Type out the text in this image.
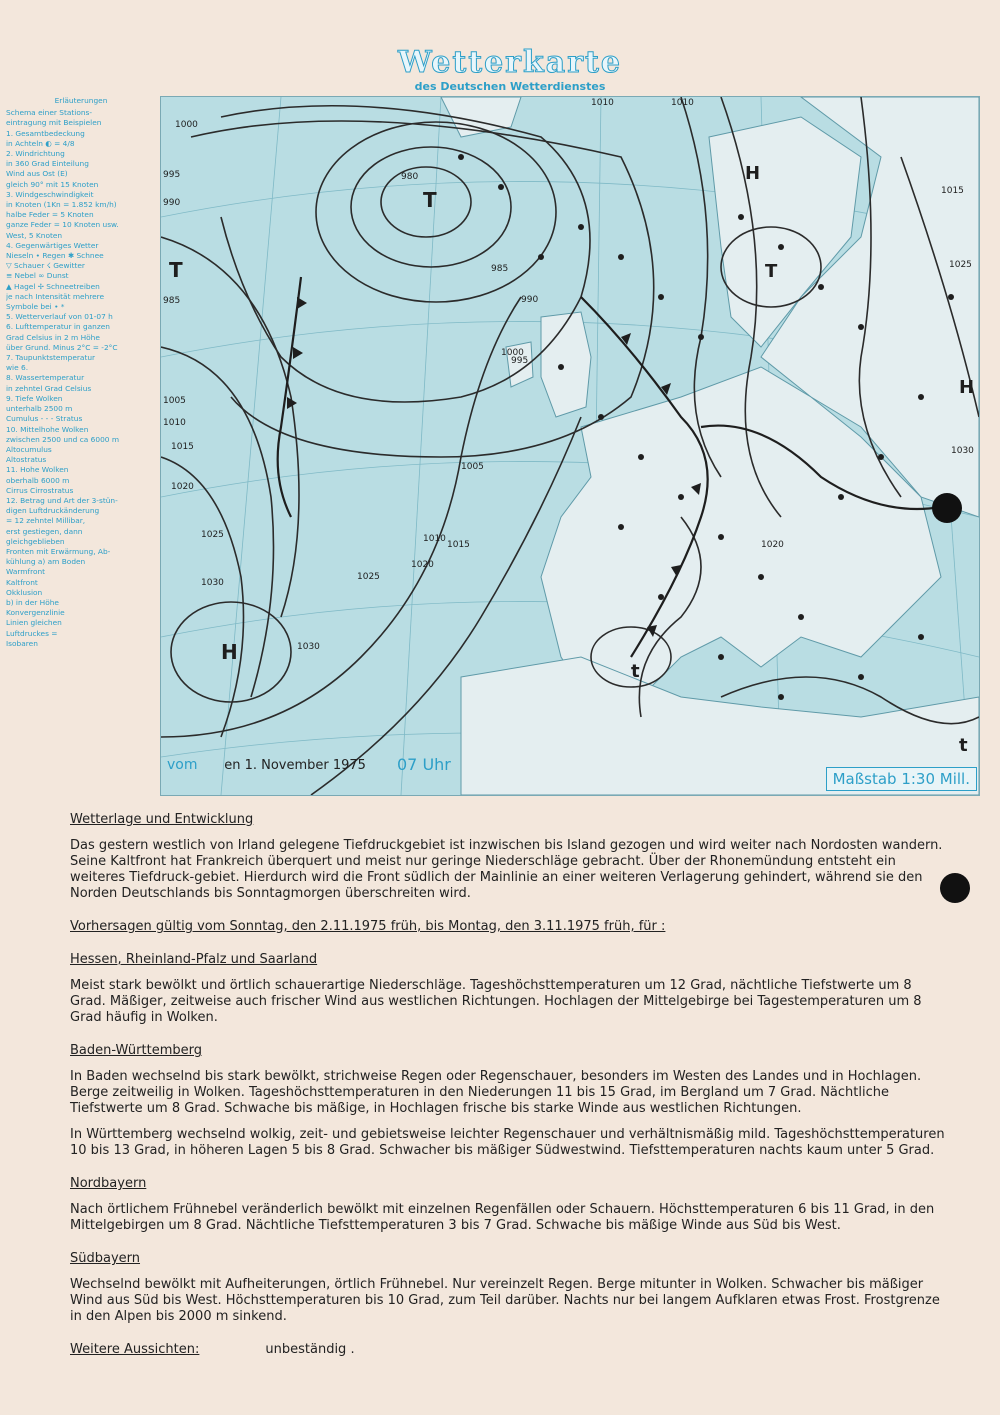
Wetterkarte
des Deutschen Wetterdienstes
Erläuterungen
Schema einer Stations-
eintragung mit Beispielen
1. Gesamtbedeckung
in Achteln ◐ = 4/8
2. Windrichtung
in 360 Grad Einteilung
Wind aus Ost (E)
gleich 90° mit 15 Knoten
3. Windgeschwindigkeit
in Knoten (1Kn = 1.852 km/h)
halbe Feder = 5 Knoten
ganze Feder = 10 Knoten usw.
West, 5 Knoten
4. Gegenwärtiges Wetter
Nieseln • Regen ✱ Schnee
▽ Schauer ☇ Gewitter
≡ Nebel ∞ Dunst
▲ Hagel ✢ Schneetreiben
je nach Intensität mehrere
Symbole bei • *
5. Wetterverlauf von 01-07 h
6. Lufttemperatur in ganzen
Grad Celsius in 2 m Höhe
über Grund. Minus 2°C = -2°C
7. Taupunktstemperatur
wie 6.
8. Wassertemperatur
in zehntel Grad Celsius
9. Tiefe Wolken
unterhalb 2500 m
Cumulus - - - Stratus
10. Mittelhohe Wolken
zwischen 2500 und ca 6000 m
Altocumulus
Altostratus
11. Hohe Wolken
oberhalb 6000 m
Cirrus Cirrostratus
12. Betrag und Art der 3-stün-
digen Luftdruckänderung
= 12 zehntel Millibar,
erst gestiegen, dann
gleichgeblieben
Fronten mit Erwärmung, Ab-
kühlung a) am Boden
Warmfront
Kaltfront
Okklusion
b) in der Höhe
Konvergenzlinie
Linien gleichen
Luftdruckes =
Isobaren
T
T
H
H
T
H
t
t
1000
995
990
985
980
1005
1010
1015
1020
1025
1030
1000
995
990
985
1005
1010
1015
1020
1025
1030
1010	1010
1015
1025
1030
1020
vom en 1. November 1975 07 Uhr
Maßstab 1:30 Mill.

Wetterlage und Entwicklung

Das gestern westlich von Irland gelegene Tiefdruckgebiet ist inzwischen bis Island gezogen und wird weiter nach Nordosten wandern. Seine Kaltfront hat Frankreich überquert und meist nur geringe Niederschläge gebracht. Über der Rhonemündung entsteht ein weiteres Tiefdruck-gebiet. Hierdurch wird die Front südlich der Mainlinie an einer weiteren Verlagerung gehindert, während sie den Norden Deutschlands bis Sonntagmorgen überschreiten wird.

Vorhersagen gültig vom Sonntag, den 2.11.1975 früh, bis Montag, den 3.11.1975 früh, für :

Hessen, Rheinland-Pfalz und Saarland

Meist stark bewölkt und örtlich schauerartige Niederschläge. Tageshöchsttemperaturen um 12 Grad, nächtliche Tiefstwerte um 8 Grad. Mäßiger, zeitweise auch frischer Wind aus westlichen Richtungen. Hochlagen der Mittelgebirge bei Tagestemperaturen um 8 Grad häufig in Wolken.

Baden-Württemberg

In Baden wechselnd bis stark bewölkt, strichweise Regen oder Regenschauer, besonders im Westen des Landes und in Hochlagen. Berge zeitweilig in Wolken. Tageshöchsttemperaturen in den Niederungen 11 bis 15 Grad, im Bergland um 7 Grad. Nächtliche Tiefstwerte um 8 Grad. Schwache bis mäßige, in Hochlagen frische bis starke Winde aus westlichen Richtungen.

In Württemberg wechselnd wolkig, zeit- und gebietsweise leichter Regenschauer und verhältnismäßig mild. Tageshöchsttemperaturen 10 bis 13 Grad, in höheren Lagen 5 bis 8 Grad. Schwacher bis mäßiger Südwestwind. Tiefsttemperaturen nachts kaum unter 5 Grad.

Nordbayern

Nach örtlichem Frühnebel veränderlich bewölkt mit einzelnen Regenfällen oder Schauern. Höchsttemperaturen 6 bis 11 Grad, in den Mittelgebirgen um 8 Grad. Nächtliche Tiefsttemperaturen 3 bis 7 Grad. Schwache bis mäßige Winde aus Süd bis West.

Südbayern

Wechselnd bewölkt mit Aufheiterungen, örtlich Frühnebel. Nur vereinzelt Regen. Berge mitunter in Wolken. Schwacher bis mäßiger Wind aus Süd bis West. Höchsttemperaturen bis 10 Grad, zum Teil darüber. Nachts nur bei langem Aufklaren etwas Frost. Frostgrenze in den Alpen bis 2000 m sinkend.

Weitere Aussichten:	unbeständig .
